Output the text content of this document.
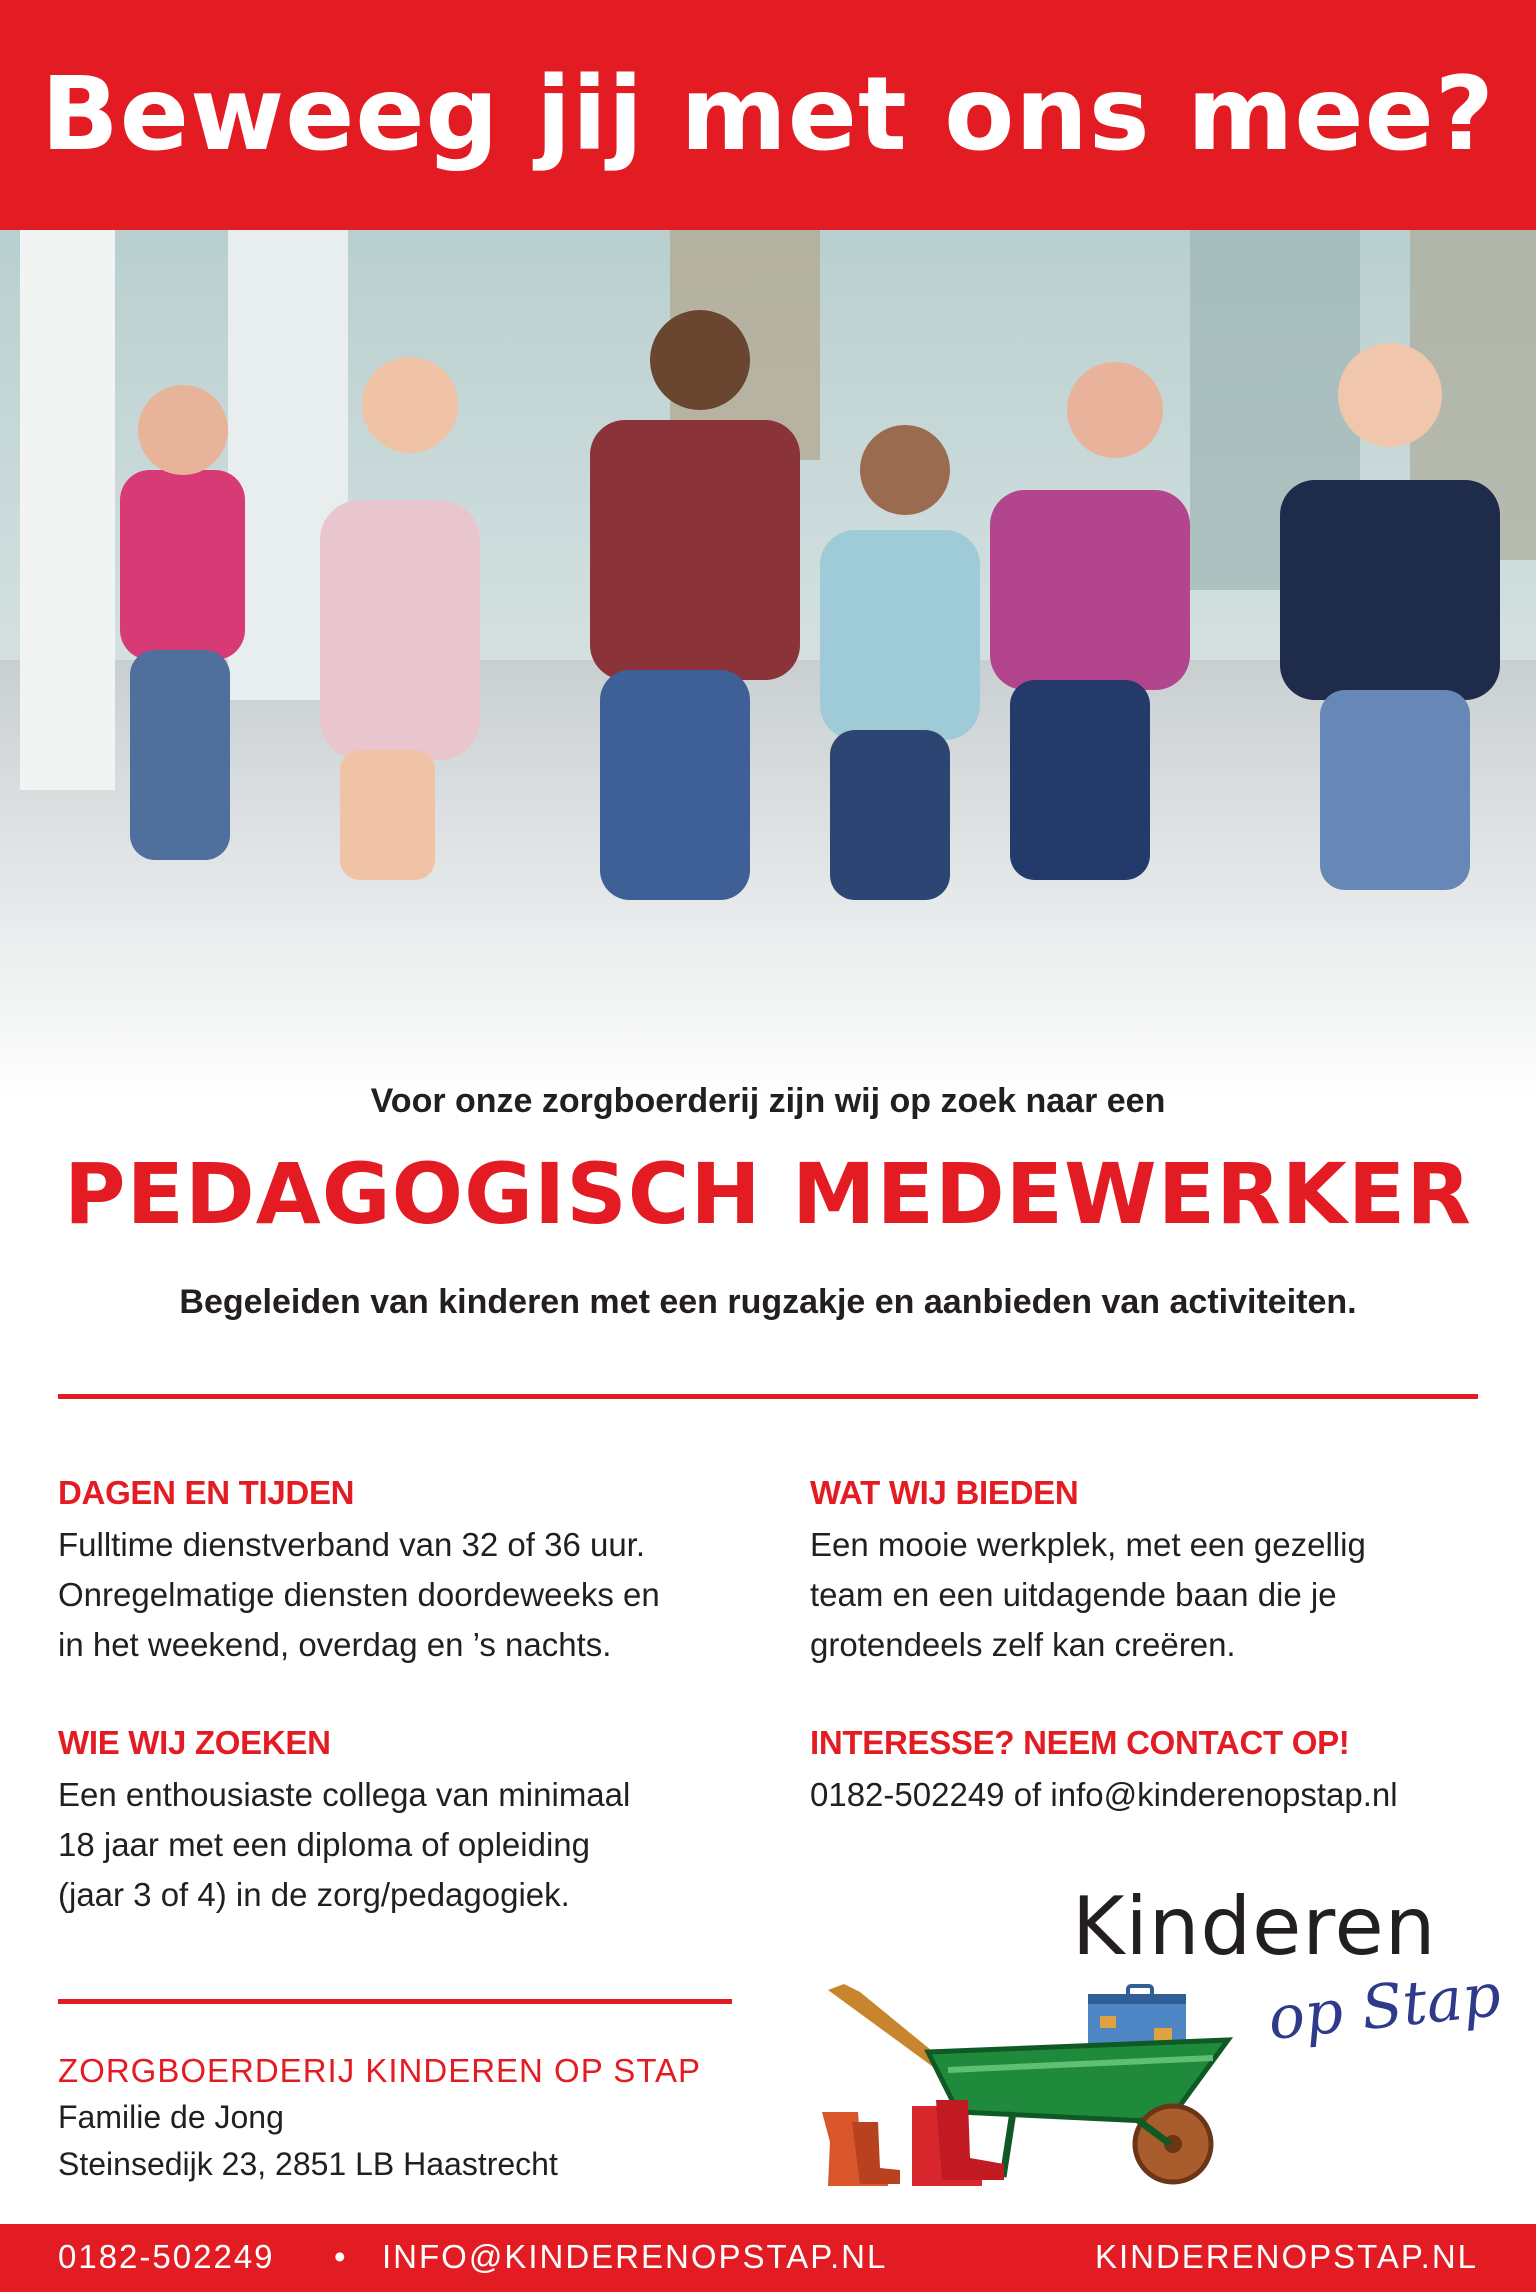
Beweeg jij met ons mee?
Voor onze zorgboerderij zijn wij op zoek naar een
PEDAGOGISCH MEDEWERKER
Begeleiden van kinderen met een rugzakje en aanbieden van activiteiten.
DAGEN EN TIJDEN

Fulltime dienstverband van 32 of 36 uur.
Onregelmatige diensten doordeweeks en
in het weekend, overdag en ’s nachts.

WAT WIJ BIEDEN

Een mooie werkplek, met een gezellig
team en een uitdagende baan die je
grotendeels zelf kan creëren.

WIE WIJ ZOEKEN

Een enthousiaste collega van minimaal
18 jaar met een diploma of opleiding
(jaar 3 of 4) in de zorg/pedagogiek.

INTERESSE? NEEM CONTACT OP!

0182-502249 of info@kinderenopstap.nl

ZORGBOERDERIJ KINDEREN OP STAP
Familie de Jong
Steinsedijk 23, 2851 LB Haastrecht
Kinderen
op Stap
0182-502249 • INFO@KINDERENOPSTAP.NL	KINDERENOPSTAP.NL
